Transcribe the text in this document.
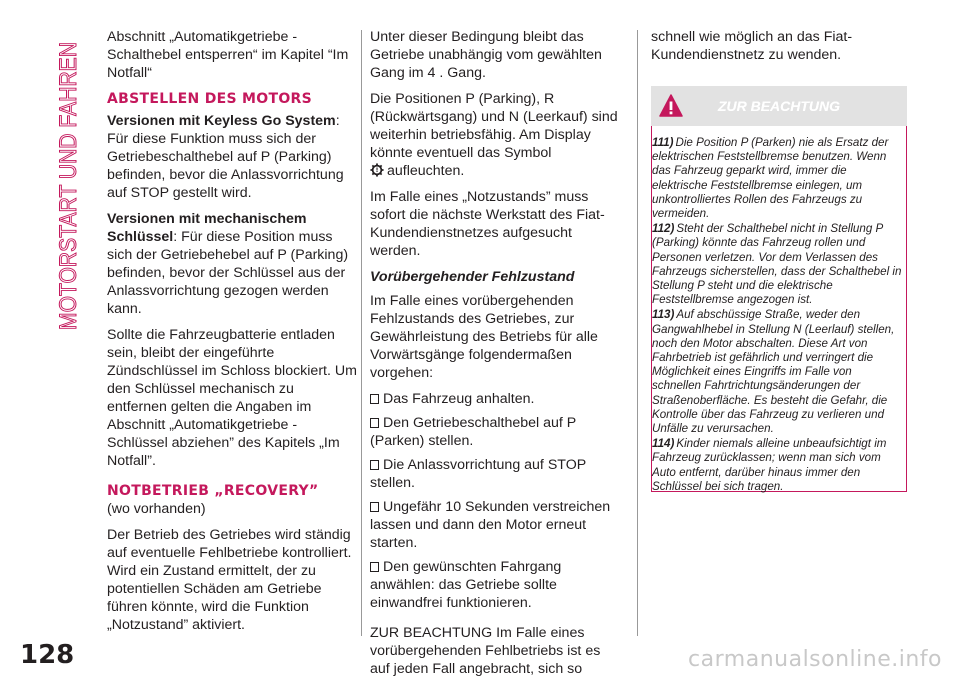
MOTORSTART UND FAHREN Abschnitt „Automatikgetriebe - Schalthebel entsperren“ im Kapitel “Im Notfall“

ABSTELLEN DES MOTORS

Versionen mit Keyless Go System: Für diese Funktion muss sich der Getriebeschalthebel auf P (Parking) befinden, bevor die Anlassvorrichtung auf STOP gestellt wird.

Versionen mit mechanischem Schlüssel: Für diese Position muss sich der Getriebehebel auf P (Parking) befinden, bevor der Schlüssel aus der Anlassvorrichtung gezogen werden kann.

Sollte die Fahrzeugbatterie entladen sein, bleibt der eingeführte Zündschlüssel im Schloss blockiert. Um den Schlüssel mechanisch zu entfernen gelten die Angaben im Abschnitt „Automatikgetriebe - Schlüssel abziehen” des Kapitels „Im Notfall”.

NOTBETRIEB „RECOVERY”

(wo vorhanden)

Der Betrieb des Getriebes wird ständig auf eventuelle Fehlbetriebe kontrolliert. Wird ein Zustand ermittelt, der zu potentiellen Schäden am Getriebe führen könnte, wird die Funktion „Notzustand” aktiviert.

Unter dieser Bedingung bleibt das Getriebe unabhängig vom gewählten Gang im 4 . Gang.

Die Positionen P (Parking), R (Rückwärtsgang) und N (Leerkauf) sind weiterhin betriebsfähig. Am Display könnte eventuell das Symbol

! aufleuchten.

Im Falle eines „Notzustands” muss sofort die nächste Werkstatt des Fiat-Kundendienstnetzes aufgesucht werden.

Vorübergehender Fehlzustand

Im Falle eines vorübergehenden Fehlzustands des Getriebes, zur Gewährleistung des Betriebs für alle Vorwärtsgänge folgendermaßen vorgehen:

Das Fahrzeug anhalten.
Den Getriebeschalthebel auf P (Parken) stellen.
Die Anlassvorrichtung auf STOP stellen.
Ungefähr 10 Sekunden verstreichen lassen und dann den Motor erneut starten.
Den gewünschten Fahrgang anwählen: das Getriebe sollte einwandfrei funktionieren.

ZUR BEACHTUNG Im Falle eines vorübergehenden Fehlbetriebs ist es auf jeden Fall angebracht, sich so

schnell wie möglich an das Fiat-Kundendienstnetz zu wenden.

ZUR BEACHTUNG

111) Die Position P (Parken) nie als Ersatz der elektrischen Feststellbremse benutzen. Wenn das Fahrzeug geparkt wird, immer die elektrische Feststellbremse einlegen, um unkontrolliertes Rollen des Fahrzeugs zu vermeiden.

112) Steht der Schalthebel nicht in Stellung P (Parking) könnte das Fahrzeug rollen und Personen verletzen. Vor dem Verlassen des Fahrzeugs sicherstellen, dass der Schalthebel in Stellung P steht und die elektrische Feststellbremse angezogen ist.

113) Auf abschüssige Straße, weder den Gangwahlhebel in Stellung N (Leerlauf) stellen, noch den Motor abschalten. Diese Art von Fahrbetrieb ist gefährlich und verringert die Möglichkeit eines Eingriffs im Falle von schnellen Fahrtrichtungsänderungen der Straßenoberfläche. Es besteht die Gefahr, die Kontrolle über das Fahrzeug zu verlieren und Unfälle zu verursachen.

114) Kinder niemals alleine unbeaufsichtigt im Fahrzeug zurücklassen; wenn man sich vom Auto entfernt, darüber hinaus immer den Schlüssel bei sich tragen.

128	carmanualsonline.info
